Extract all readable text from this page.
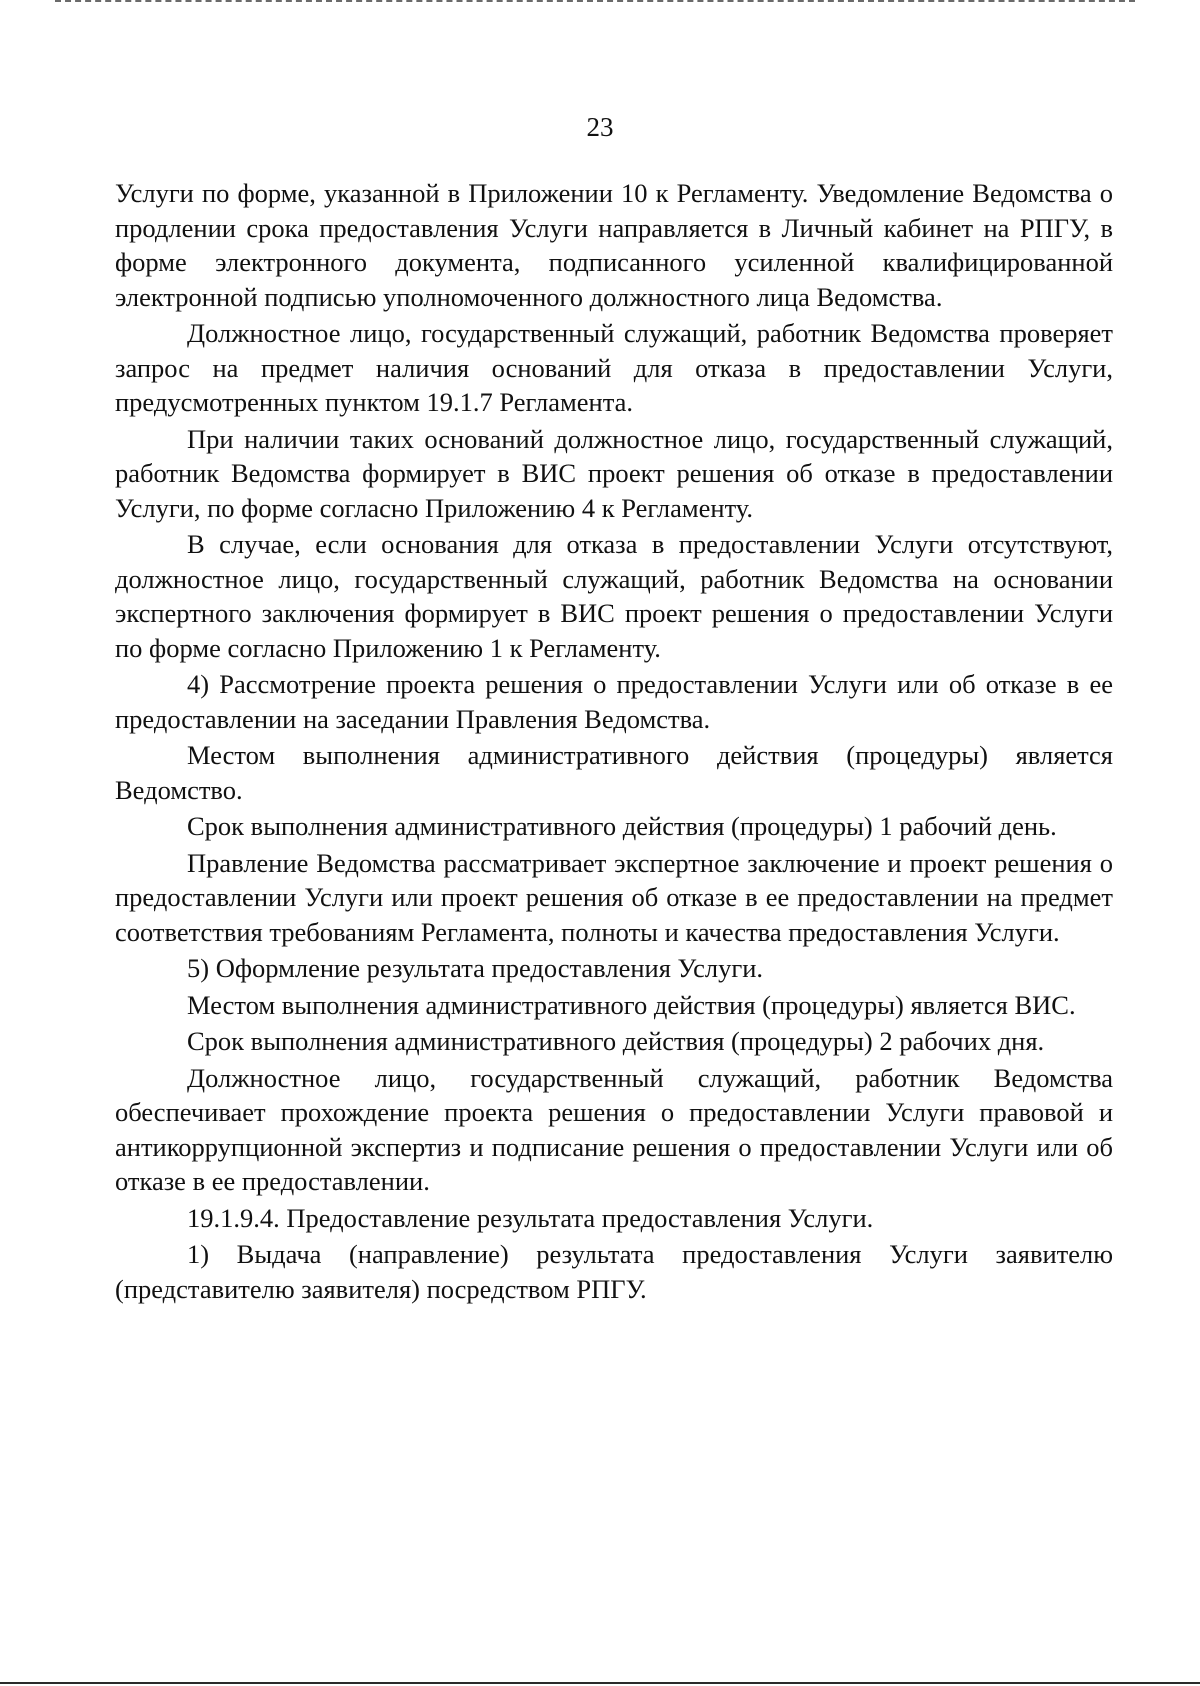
23

Услуги по форме, указанной в Приложении 10 к Регламенту. Уведомление Ведомства о продлении срока предоставления Услуги направляется в Личный кабинет на РПГУ, в форме электронного документа, подписанного усиленной квалифицированной электронной подписью уполномоченного должностного лица Ведомства.

Должностное лицо, государственный служащий, работник Ведомства проверяет запрос на предмет наличия оснований для отказа в предоставлении Услуги, предусмотренных пунктом 19.1.7 Регламента.

При наличии таких оснований должностное лицо, государственный служащий, работник Ведомства формирует в ВИС проект решения об отказе в предоставлении Услуги, по форме согласно Приложению 4 к Регламенту.

В случае, если основания для отказа в предоставлении Услуги отсутствуют, должностное лицо, государственный служащий, работник Ведомства на основании экспертного заключения формирует в ВИС проект решения о предоставлении Услуги по форме согласно Приложению 1 к Регламенту.

4) Рассмотрение проекта решения о предоставлении Услуги или об отказе в ее предоставлении на заседании Правления Ведомства.

Местом выполнения административного действия (процедуры) является Ведомство.

Срок выполнения административного действия (процедуры) 1 рабочий день.

Правление Ведомства рассматривает экспертное заключение и проект решения о предоставлении Услуги или проект решения об отказе в ее предоставлении на предмет соответствия требованиям Регламента, полноты и качества предоставления Услуги.

5) Оформление результата предоставления Услуги.

Местом выполнения административного действия (процедуры) является ВИС.

Срок выполнения административного действия (процедуры) 2 рабочих дня.

Должностное лицо, государственный служащий, работник Ведомства обеспечивает прохождение проекта решения о предоставлении Услуги правовой и антикоррупционной экспертиз и подписание решения о предоставлении Услуги или об отказе в ее предоставлении.

19.1.9.4. Предоставление результата предоставления Услуги.

1) Выдача (направление) результата предоставления Услуги заявителю (представителю заявителя) посредством РПГУ.
